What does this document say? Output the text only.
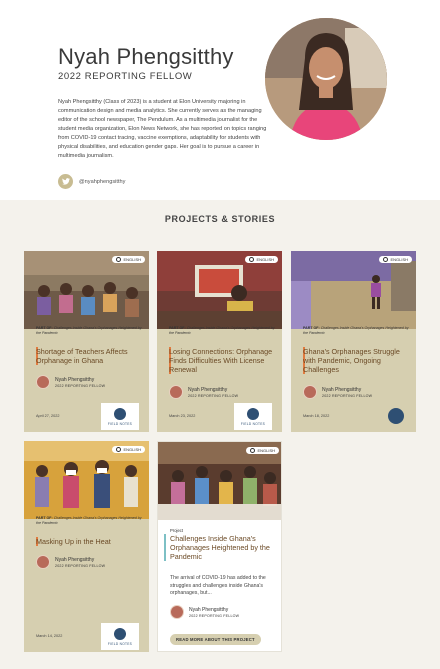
Nyah Phengsitthy
2022 REPORTING FELLOW

Nyah Phengsitthy (Class of 2023) is a student at Elon University majoring in communication design and media analytics. She currently serves as the managing editor of the school newspaper, The Pendulum. As a multimedia journalist for the student media organization, Elon News Network, she has reported on topics ranging from COVID-19 contact tracing, vaccine exemptions, adaptability for students with physical disabilities, and education gender gaps. Her goal is to pursue a career in multimedia journalism.

@nyahphengsitthy
PROJECTS & STORIES
ENGLISH
PART OF: Challenges Inside Ghana's Orphanages Heightened by the Pandemic
Shortage of Teachers Affects Orphanage in Ghana
Nyah Phengsitthy
2022 REPORTING FELLOW
April 27, 2022
FIELD NOTES
ENGLISH
PART OF: Challenges Inside Ghana's Orphanages Heightened by the Pandemic
Losing Connections: Orphanage Finds Difficulties With License Renewal
Nyah Phengsitthy
2022 REPORTING FELLOW
March 23, 2022
FIELD NOTES
ENGLISH
PART OF: Challenges Inside Ghana's Orphanages Heightened by the Pandemic
Ghana's Orphanages Struggle with Pandemic, Ongoing Challenges
Nyah Phengsitthy
2022 REPORTING FELLOW
March 18, 2022
ENGLISH
PART OF: Challenges Inside Ghana's Orphanages Heightened by the Pandemic
Masking Up in the Heat
Nyah Phengsitthy
2022 REPORTING FELLOW
March 14, 2022
FIELD NOTES
ENGLISH
Project
Challenges Inside Ghana's Orphanages Heightened by the Pandemic

The arrival of COVID-19 has added to the struggles and challenges inside Ghana's orphanages, but...

Nyah Phengsitthy
2022 REPORTING FELLOW
READ MORE ABOUT THIS PROJECT
